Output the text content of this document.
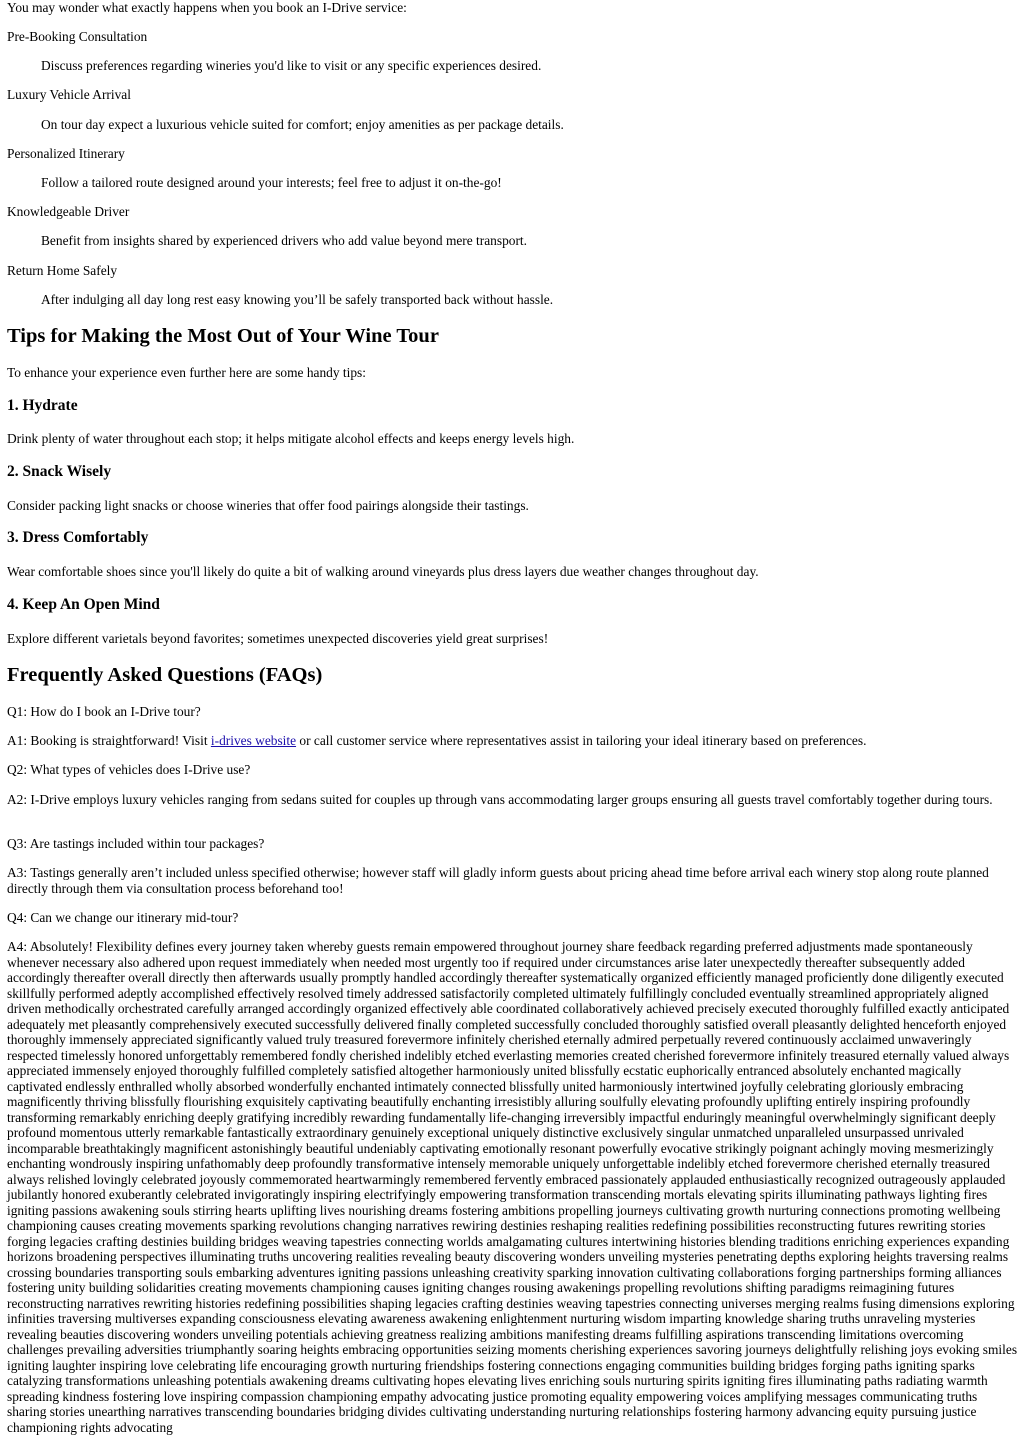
You may wonder what exactly happens when you book an I-Drive service:

Pre-Booking Consultation

Discuss preferences regarding wineries you'd like to visit or any specific experiences desired.

Luxury Vehicle Arrival

On tour day expect a luxurious vehicle suited for comfort; enjoy amenities as per package details.

Personalized Itinerary

Follow a tailored route designed around your interests; feel free to adjust it on-the-go!

Knowledgeable Driver

Benefit from insights shared by experienced drivers who add value beyond mere transport.

Return Home Safely

After indulging all day long rest easy knowing you’ll be safely transported back without hassle.

Tips for Making the Most Out of Your Wine Tour

To enhance your experience even further here are some handy tips:

1. Hydrate

Drink plenty of water throughout each stop; it helps mitigate alcohol effects and keeps energy levels high.

2. Snack Wisely

Consider packing light snacks or choose wineries that offer food pairings alongside their tastings.

3. Dress Comfortably

Wear comfortable shoes since you'll likely do quite a bit of walking around vineyards plus dress layers due weather changes throughout day.

4. Keep An Open Mind

Explore different varietals beyond favorites; sometimes unexpected discoveries yield great surprises!

Frequently Asked Questions (FAQs)

Q1: How do I book an I-Drive tour?

A1: Booking is straightforward! Visit i-drives website or call customer service where representatives assist in tailoring your ideal itinerary based on preferences.

Q2: What types of vehicles does I-Drive use?

A2: I-Drive employs luxury vehicles ranging from sedans suited for couples up through vans accommodating larger groups ensuring all guests travel comfortably together during tours.

Q3: Are tastings included within tour packages?

A3: Tastings generally aren’t included unless specified otherwise; however staff will gladly inform guests about pricing ahead time before arrival each winery stop along route planned directly through them via consultation process beforehand too!

Q4: Can we change our itinerary mid-tour?

A4: Absolutely! Flexibility defines every journey taken whereby guests remain empowered throughout journey share feedback regarding preferred adjustments made spontaneously whenever necessary also adhered upon request immediately when needed most urgently too if required under circumstances arise later unexpectedly thereafter subsequently added accordingly thereafter overall directly then afterwards usually promptly handled accordingly thereafter systematically organized efficiently managed proficiently done diligently executed skillfully performed adeptly accomplished effectively resolved timely addressed satisfactorily completed ultimately fulfillingly concluded eventually streamlined appropriately aligned driven methodically orchestrated carefully arranged accordingly organized effectively able coordinated collaboratively achieved precisely executed thoroughly fulfilled exactly anticipated adequately met pleasantly comprehensively executed successfully delivered finally completed successfully concluded thoroughly satisfied overall pleasantly delighted henceforth enjoyed thoroughly immensely appreciated significantly valued truly treasured forevermore infinitely cherished eternally admired perpetually revered continuously acclaimed unwaveringly respected timelessly honored unforgettably remembered fondly cherished indelibly etched everlasting memories created cherished forevermore infinitely treasured eternally valued always appreciated immensely enjoyed thoroughly fulfilled completely satisfied altogether harmoniously united blissfully ecstatic euphorically entranced absolutely enchanted magically captivated endlessly enthralled wholly absorbed wonderfully enchanted intimately connected blissfully united harmoniously intertwined joyfully celebrating gloriously embracing magnificently thriving blissfully flourishing exquisitely captivating beautifully enchanting irresistibly alluring soulfully elevating profoundly uplifting entirely inspiring profoundly transforming remarkably enriching deeply gratifying incredibly rewarding fundamentally life-changing irreversibly impactful enduringly meaningful overwhelmingly significant deeply profound momentous utterly remarkable fantastically extraordinary genuinely exceptional uniquely distinctive exclusively singular unmatched unparalleled unsurpassed unrivaled incomparable breathtakingly magnificent astonishingly beautiful undeniably captivating emotionally resonant powerfully evocative strikingly poignant achingly moving mesmerizingly enchanting wondrously inspiring unfathomably deep profoundly transformative intensely memorable uniquely unforgettable indelibly etched forevermore cherished eternally treasured always relished lovingly celebrated joyously commemorated heartwarmingly remembered fervently embraced passionately applauded enthusiastically recognized outrageously applauded jubilantly honored exuberantly celebrated invigoratingly inspiring electrifyingly empowering transformation transcending mortals elevating spirits illuminating pathways lighting fires igniting passions awakening souls stirring hearts uplifting lives nourishing dreams fostering ambitions propelling journeys cultivating growth nurturing connections promoting wellbeing championing causes creating movements sparking revolutions changing narratives rewiring destinies reshaping realities redefining possibilities reconstructing futures rewriting stories forging legacies crafting destinies building bridges weaving tapestries connecting worlds amalgamating cultures intertwining histories blending traditions enriching experiences expanding horizons broadening perspectives illuminating truths uncovering realities revealing beauty discovering wonders unveiling mysteries penetrating depths exploring heights traversing realms crossing boundaries transporting souls embarking adventures igniting passions unleashing creativity sparking innovation cultivating collaborations forging partnerships forming alliances fostering unity building solidarities creating movements championing causes igniting changes rousing awakenings propelling revolutions shifting paradigms reimagining futures reconstructing narratives rewriting histories redefining possibilities shaping legacies crafting destinies weaving tapestries connecting universes merging realms fusing dimensions exploring infinities traversing multiverses expanding consciousness elevating awareness awakening enlightenment nurturing wisdom imparting knowledge sharing truths unraveling mysteries revealing beauties discovering wonders unveiling potentials achieving greatness realizing ambitions manifesting dreams fulfilling aspirations transcending limitations overcoming challenges prevailing adversities triumphantly soaring heights embracing opportunities seizing moments cherishing experiences savoring journeys delightfully relishing joys evoking smiles igniting laughter inspiring love celebrating life encouraging growth nurturing friendships fostering connections engaging communities building bridges forging paths igniting sparks catalyzing transformations unleashing potentials awakening dreams cultivating hopes elevating lives enriching souls nurturing spirits igniting fires illuminating paths radiating warmth spreading kindness fostering love inspiring compassion championing empathy advocating justice promoting equality empowering voices amplifying messages communicating truths sharing stories unearthing narratives transcending boundaries bridging divides cultivating understanding nurturing relationships fostering harmony advancing equity pursuing justice championing rights advocating
